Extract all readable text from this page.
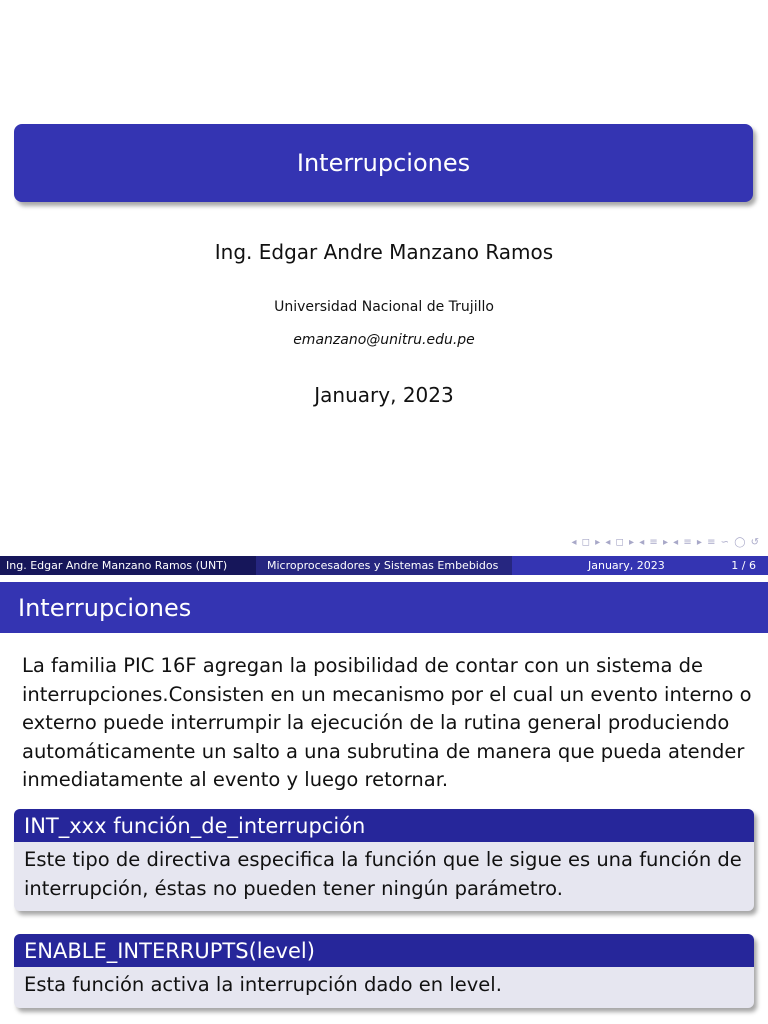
Interrupciones
Ing. Edgar Andre Manzano Ramos
Universidad Nacional de Trujillo
emanzano@unitru.edu.pe
January, 2023
◂ ◻ ▸ ◂ ◻ ▸ ◂ ≡ ▸ ◂ ≡ ▸ ≡ ∽ ◯ ↺
Ing. Edgar Andre Manzano Ramos (UNT)	Microprocesadores y Sistemas Embebidos	January, 2023	1 / 6
Interrupciones
La familia PIC 16F agregan la posibilidad de contar con un sistema de interrupciones.Consisten en un mecanismo por el cual un evento interno o externo puede interrumpir la ejecución de la rutina general produciendo automáticamente un salto a una subrutina de manera que pueda atender inmediatamente al evento y luego retornar.
INT_xxx función_de_interrupción
Este tipo de directiva especifica la función que le sigue es una función de interrupción, éstas no pueden tener ningún parámetro.
ENABLE_INTERRUPTS(level)
Esta función activa la interrupción dado en level.
